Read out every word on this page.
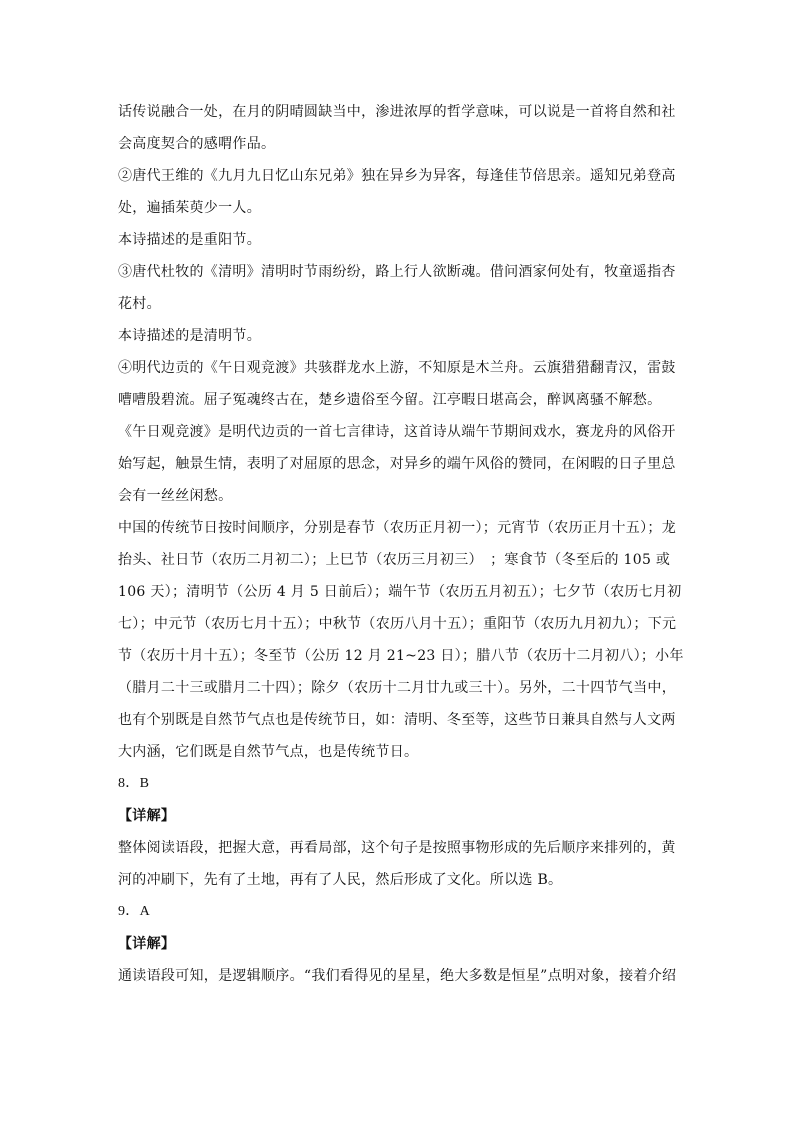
话传说融合一处，在月的阴晴圆缺当中，渗进浓厚的哲学意味，可以说是一首将自然和社
会高度契合的感喟作品。
②唐代王维的《九月九日忆山东兄弟》独在异乡为异客，每逢佳节倍思亲。遥知兄弟登高
处，遍插茱萸少一人。
本诗描述的是重阳节。
③唐代杜牧的《清明》清明时节雨纷纷，路上行人欲断魂。借问酒家何处有，牧童遥指杏
花村。
本诗描述的是清明节。
④明代边贡的《午日观竞渡》共骇群龙水上游，不知原是木兰舟。云旗猎猎翻青汉，雷鼓
嘈嘈殷碧流。屈子冤魂终古在，楚乡遗俗至今留。江亭暇日堪高会，醉讽离骚不解愁。
《午日观竞渡》是明代边贡的一首七言律诗，这首诗从端午节期间戏水，赛龙舟的风俗开
始写起，触景生情，表明了对屈原的思念，对异乡的端午风俗的赞同，在闲暇的日子里总
会有一丝丝闲愁。
中国的传统节日按时间顺序，分别是春节（农历正月初一）；元宵节（农历正月十五）；龙
抬头、社日节（农历二月初二）；上巳节（农历三月初三）　；寒食节（冬至后的 105 或
106 天）；清明节（公历 4 月 5 日前后）；端午节（农历五月初五）；七夕节（农历七月初
七）；中元节（农历七月十五）；中秋节（农历八月十五）；重阳节（农历九月初九）；下元
节（农历十月十五）；冬至节（公历 12 月 21~23 日）；腊八节（农历十二月初八）；小年
（腊月二十三或腊月二十四）；除夕（农历十二月廿九或三十）。另外，二十四节气当中，
也有个别既是自然节气点也是传统节日，如：清明、冬至等，这些节日兼具自然与人文两
大内涵，它们既是自然节气点，也是传统节日。
8．B
【详解】
整体阅读语段，把握大意，再看局部，这个句子是按照事物形成的先后顺序来排列的，黄
河的冲刷下，先有了土地，再有了人民，然后形成了文化。所以选 B。
9．A
【详解】
通读语段可知，是逻辑顺序。“我们看得见的星星，绝大多数是恒星”点明对象，接着介绍
